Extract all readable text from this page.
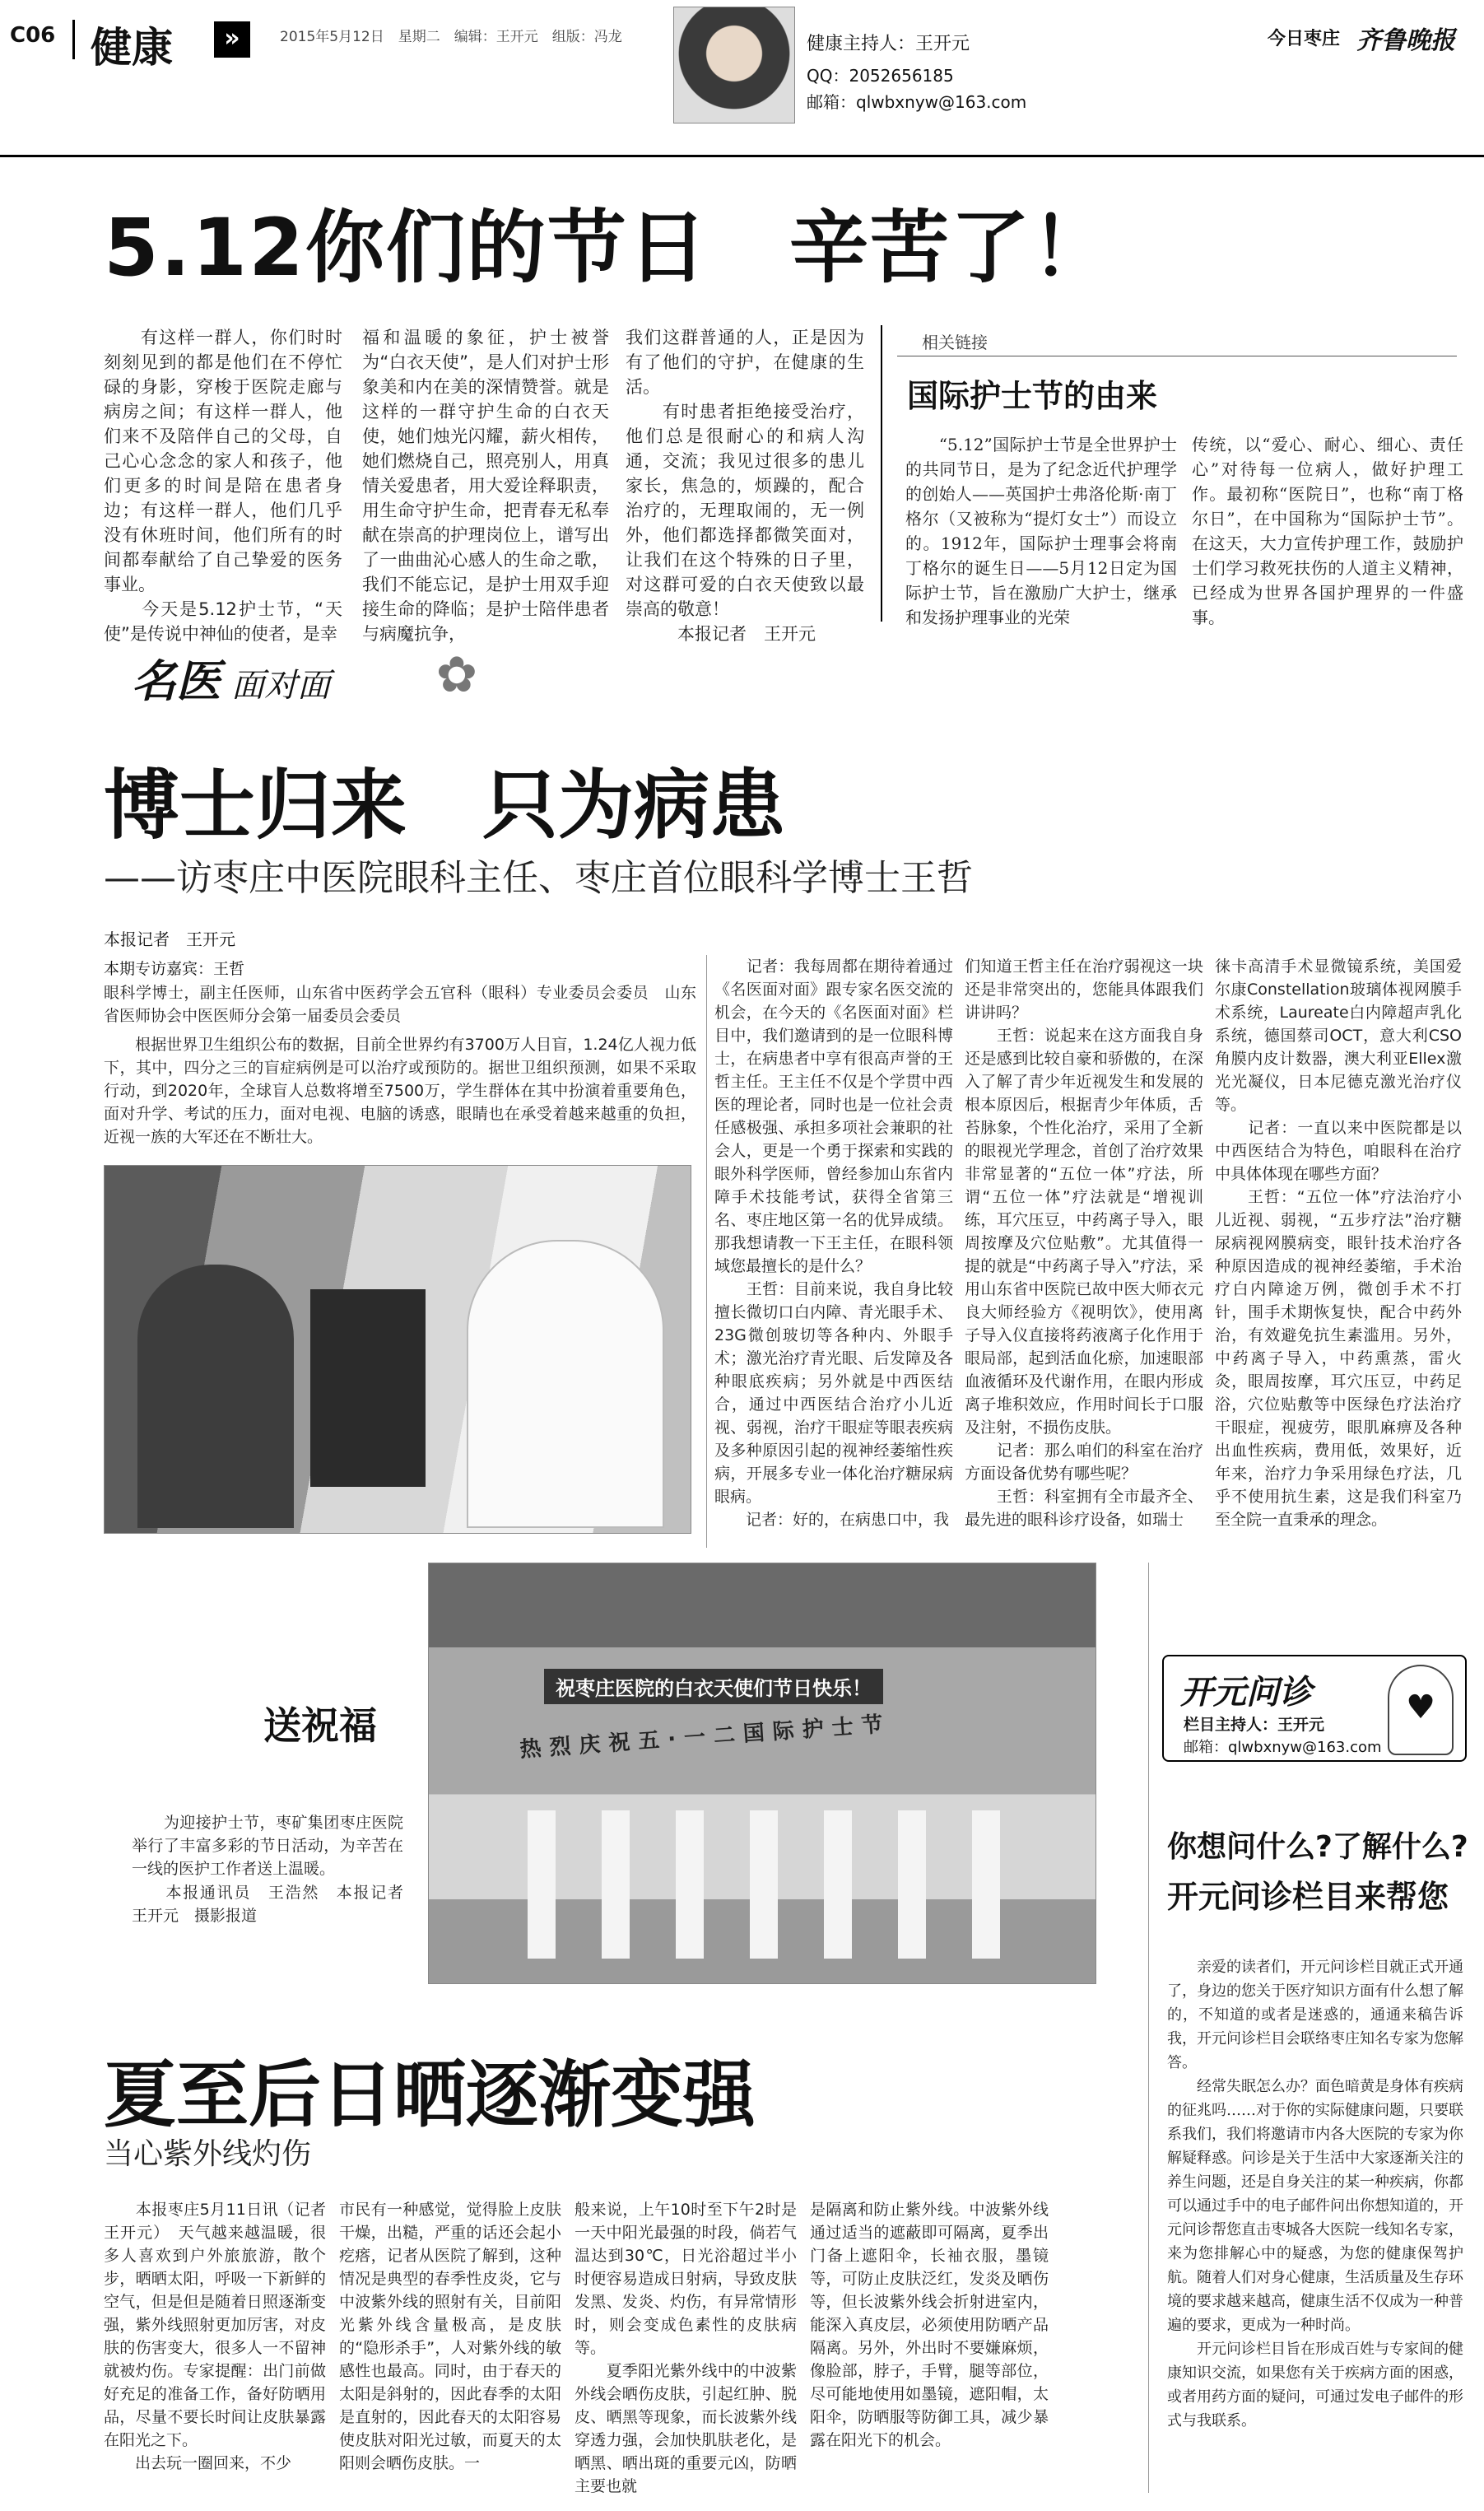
C06 健康	»	2015年5月12日　星期二　编辑：王开元　组版：冯龙	健康主持人：王开元
QQ：2052656185
邮箱：qlwbxnyw@163.com
今日枣庄 齐鲁晚报
5.12你们的节日　辛苦了！
　　有这样一群人，你们时时刻刻见到的都是他们在不停忙碌的身影，穿梭于医院走廊与病房之间；有这样一群人，他们来不及陪伴自己的父母，自己心心念念的家人和孩子，他们更多的时间是陪在患者身边；有这样一群人，他们几乎没有休班时间，他们所有的时间都奉献给了自己挚爱的医务事业。
　　今天是5.12护士节，“天使”是传说中神仙的使者，是幸
福和温暖的象征，护士被誉为“白衣天使”，是人们对护士形象美和内在美的深情赞誉。就是这样的一群守护生命的白衣天使，她们烛光闪耀，薪火相传，她们燃烧自己，照亮别人，用真情关爱患者，用大爱诠释职责，用生命守护生命，把青春无私奉献在崇高的护理岗位上，谱写出了一曲曲沁心感人的生命之歌，我们不能忘记，是护士用双手迎接生命的降临；是护士陪伴患者与病魔抗争，
我们这群普通的人，正是因为有了他们的守护，在健康的生活。
　　有时患者拒绝接受治疗，他们总是很耐心的和病人沟通，交流；我见过很多的患儿家长，焦急的，烦躁的，配合治疗的，无理取闹的，无一例外，他们都选择都微笑面对，让我们在这个特殊的日子里，对这群可爱的白衣天使致以最崇高的敬意！
　　　本报记者　王开元
相关链接
国际护士节的由来
　　“5.12”国际护士节是全世界护士的共同节日，是为了纪念近代护理学的创始人——英国护士弗洛伦斯·南丁格尔（又被称为“提灯女士”）而设立的。1912年，国际护士理事会将南丁格尔的诞生日——5月12日定为国际护士节，旨在激励广大护士，继承和发扬护理事业的光荣
传统，以“爱心、耐心、细心、责任心”对待每一位病人，做好护理工作。最初称“医院日”，也称“南丁格尔日”，在中国称为“国际护士节”。在这天，大力宣传护理工作，鼓励护士们学习救死扶伤的人道主义精神，已经成为世界各国护理界的一件盛事。
名医 面对面 ✿
博士归来　只为病患
——访枣庄中医院眼科主任、枣庄首位眼科学博士王哲
本报记者　王开元
本期专访嘉宾：王哲
眼科学博士，副主任医师，山东省中医药学会五官科（眼科）专业委员会委员　山东省医师协会中医医师分会第一届委员会委员
　　根据世界卫生组织公布的数据，目前全世界约有3700万人目盲，1.24亿人视力低下，其中，四分之三的盲症病例是可以治疗或预防的。据世卫组织预测，如果不采取行动，到2020年，全球盲人总数将增至7500万，学生群体在其中扮演着重要角色，面对升学、考试的压力，面对电视、电脑的诱惑，眼睛也在承受着越来越重的负担，近视一族的大军还在不断壮大。
　　记者：我每周都在期待着通过《名医面对面》跟专家名医交流的机会，在今天的《名医面对面》栏目中，我们邀请到的是一位眼科博士，在病患者中享有很高声誉的王哲主任。王主任不仅是个学贯中西医的理论者，同时也是一位社会责任感极强、承担多项社会兼职的社会人，更是一个勇于探索和实践的眼外科学医师，曾经参加山东省内障手术技能考试，获得全省第三名、枣庄地区第一名的优异成绩。那我想请教一下王主任，在眼科领域您最擅长的是什么？
　　王哲：目前来说，我自身比较擅长微切口白内障、青光眼手术、23G微创玻切等各种内、外眼手术；激光治疗青光眼、后发障及各种眼底疾病；另外就是中西医结合，通过中西医结合治疗小儿近视、弱视，治疗干眼症等眼表疾病及多种原因引起的视神经萎缩性疾病，开展多专业一体化治疗糖尿病眼病。
　　记者：好的，在病患口中，我
们知道王哲主任在治疗弱视这一块还是非常突出的，您能具体跟我们讲讲吗？
　　王哲：说起来在这方面我自身还是感到比较自豪和骄傲的，在深入了解了青少年近视发生和发展的根本原因后，根据青少年体质，舌苔脉象，个性化治疗，采用了全新的眼视光学理念，首创了治疗效果非常显著的“五位一体”疗法，所谓“五位一体”疗法就是“增视训练，耳穴压豆，中药离子导入，眼周按摩及穴位贴敷”。尤其值得一提的就是“中药离子导入”疗法，采用山东省中医院已故中医大师衣元良大师经验方《视明饮》，使用离子导入仪直接将药液离子化作用于眼局部，起到活血化瘀，加速眼部血液循环及代谢作用，在眼内形成离子堆积效应，作用时间长于口服及注射，不损伤皮肤。
　　记者：那么咱们的科室在治疗方面设备优势有哪些呢？
　　王哲：科室拥有全市最齐全、最先进的眼科诊疗设备，如瑞士
徕卡高清手术显微镜系统，美国爱尔康Constellation玻璃体视网膜手术系统，Laureate白内障超声乳化系统，德国蔡司OCT，意大利CSO角膜内皮计数器，澳大利亚Ellex激光光凝仪，日本尼德克激光治疗仪等。
　　记者：一直以来中医院都是以中西医结合为特色，咱眼科在治疗中具体体现在哪些方面？
　　王哲：“五位一体”疗法治疗小儿近视、弱视，“五步疗法”治疗糖尿病视网膜病变，眼针技术治疗各种原因造成的视神经萎缩，手术治疗白内障途万例，微创手术不打针，围手术期恢复快，配合中药外治，有效避免抗生素滥用。另外，中药离子导入，中药熏蒸，雷火灸，眼周按摩，耳穴压豆，中药足浴，穴位贴敷等中医绿色疗法治疗干眼症，视疲劳，眼肌麻痹及各种出血性疾病，费用低，效果好，近年来，治疗力争采用绿色疗法，几乎不使用抗生素，这是我们科室乃至全院一直秉承的理念。
送祝福
　　为迎接护士节，枣矿集团枣庄医院举行了丰富多彩的节日活动，为辛苦在一线的医护工作者送上温暖。
　　本报通讯员　王浩然　本报记者　王开元　摄影报道
祝枣庄医院的白衣天使们节日快乐！
热烈庆祝五·一二国际护士节
开元问诊
栏目主持人：王开元
邮箱：qlwbxnyw@163.com
♥
你想问什么?了解什么?
开元问诊栏目来帮您
　　亲爱的读者们，开元问诊栏目就正式开通了，身边的您关于医疗知识方面有什么想了解的，不知道的或者是迷惑的，通通来稿告诉我，开元问诊栏目会联络枣庄知名专家为您解答。
　　经常失眠怎么办？面色暗黄是身体有疾病的征兆吗……对于你的实际健康问题，只要联系我们，我们将邀请市内各大医院的专家为你解疑释惑。问诊是关于生活中大家逐渐关注的养生问题，还是自身关注的某一种疾病，你都可以通过手中的电子邮件问出你想知道的，开元问诊帮您直击枣城各大医院一线知名专家，来为您排解心中的疑惑，为您的健康保驾护航。随着人们对身心健康，生活质量及生存环境的要求越来越高，健康生活不仅成为一种普遍的要求，更成为一种时尚。
　　开元问诊栏目旨在形成百姓与专家间的健康知识交流，如果您有关于疾病方面的困惑，或者用药方面的疑问，可通过发电子邮件的形式与我联系。
夏至后日晒逐渐变强
当心紫外线灼伤
　　本报枣庄5月11日讯（记者　王开元）　天气越来越温暖，很多人喜欢到户外旅旅游，散个步，晒晒太阳，呼吸一下新鲜的空气，但是但是随着日照逐渐变强，紫外线照射更加厉害，对皮肤的伤害变大，很多人一不留神就被灼伤。专家提醒：出门前做好充足的准备工作，备好防晒用品，尽量不要长时间让皮肤暴露在阳光之下。
　　出去玩一圈回来，不少
市民有一种感觉，觉得脸上皮肤干燥，出糙，严重的话还会起小疙瘩，记者从医院了解到，这种情况是典型的春季性皮炎，它与中波紫外线的照射有关，目前阳光紫外线含量极高，是皮肤的“隐形杀手”，人对紫外线的敏感性也最高。同时，由于春天的太阳是斜射的，因此春季的太阳是直射的，因此春天的太阳容易使皮肤对阳光过敏，而夏天的太阳则会晒伤皮肤。一
般来说，上午10时至下午2时是一天中阳光最强的时段，倘若气温达到30℃，日光浴超过半小时便容易造成日射病，导致皮肤发黑、发炎、灼伤，有异常情形时，则会变成色素性的皮肤病等。
　　夏季阳光紫外线中的中波紫外线会晒伤皮肤，引起红肿、脱皮、晒黑等现象，而长波紫外线穿透力强，会加快肌肤老化，是晒黑、晒出斑的重要元凶，防晒主要也就
是隔离和防止紫外线。中波紫外线通过适当的遮蔽即可隔离，夏季出门备上遮阳伞，长袖衣服，墨镜等，可防止皮肤泛红，发炎及晒伤等，但长波紫外线会折射进室内，能深入真皮层，必须使用防晒产品隔离。另外，外出时不要嫌麻烦，像脸部，脖子，手臂，腿等部位，尽可能地使用如墨镜，遮阳帽，太阳伞，防晒服等防御工具，减少暴露在阳光下的机会。
